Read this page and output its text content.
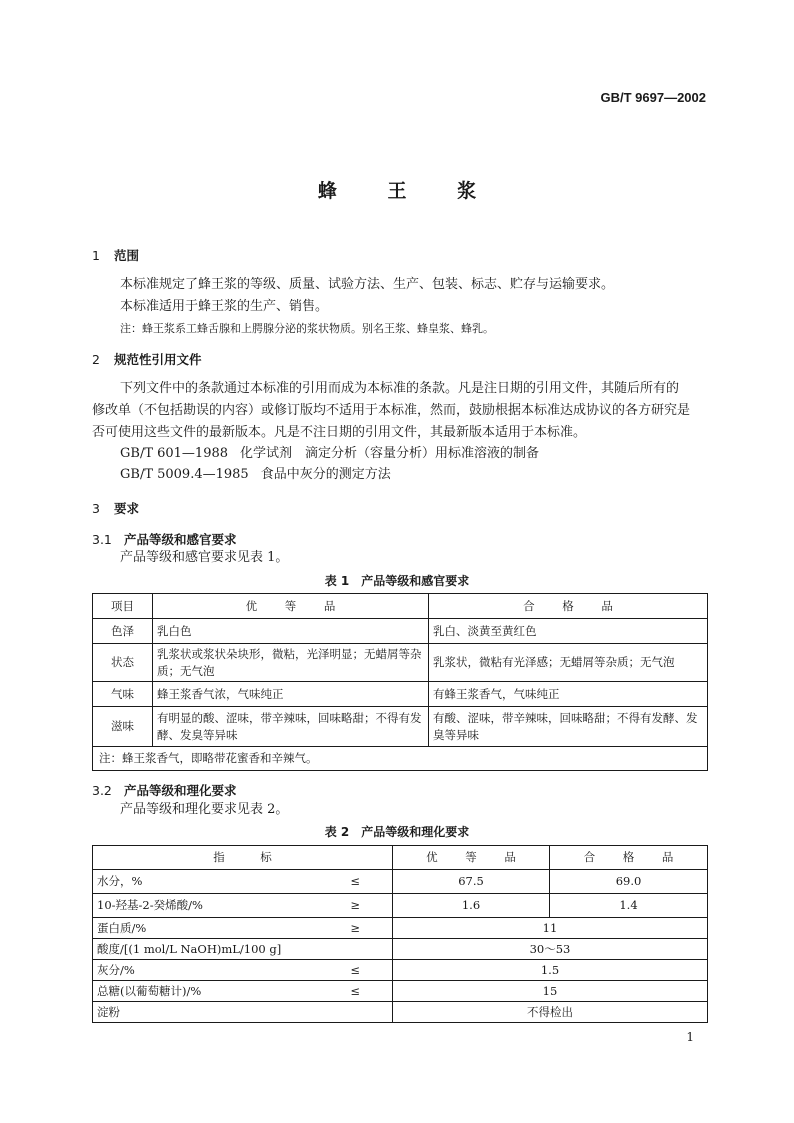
GB/T 9697—2002
蜂 王 浆
1 范围
本标准规定了蜂王浆的等级、质量、试验方法、生产、包装、标志、贮存与运输要求。
本标准适用于蜂王浆的生产、销售。
注：蜂王浆系工蜂舌腺和上腭腺分泌的浆状物质。别名王浆、蜂皇浆、蜂乳。
2 规范性引用文件
下列文件中的条款通过本标准的引用而成为本标准的条款。凡是注日期的引用文件，其随后所有的
修改单（不包括勘误的内容）或修订版均不适用于本标准，然而，鼓励根据本标准达成协议的各方研究是
否可使用这些文件的最新版本。凡是不注日期的引用文件，其最新版本适用于本标准。
GB/T 601—1988 化学试剂　滴定分析（容量分析）用标准溶液的制备
GB/T 5009.4—1985 食品中灰分的测定方法
3 要求
3.1 产品等级和感官要求
产品等级和感官要求见表 1。
表 1　产品等级和感官要求
项目	优 等 品	合 格 品
色泽	乳白色	乳白、淡黄至黄红色
状态	乳浆状或浆状朵块形，微粘，光泽明显；无蜡屑等杂质；无气泡	乳浆状，微粘有光泽感；无蜡屑等杂质；无气泡
气味	蜂王浆香气浓，气味纯正	有蜂王浆香气，气味纯正
滋味	有明显的酸、涩味，带辛辣味，回味略甜；不得有发酵、发臭等异味	有酸、涩味，带辛辣味，回味略甜；不得有发酵、发臭等异味
注：蜂王浆香气，即略带花蜜香和辛辣气。		
3.2 产品等级和理化要求
产品等级和理化要求见表 2。
表 2　产品等级和理化要求
指　标	优 等 品	合 格 品
水分，% ≤	67.5	69.0
10-羟基-2-癸烯酸/% ≥	1.6	1.4
蛋白质/% ≥	11	
酸度/[(1 mol/L NaOH)mL/100 g]	30～53	
灰分/% ≤	1.5	
总糖(以葡萄糖计)/% ≤	15	
淀粉	不得检出	
1
